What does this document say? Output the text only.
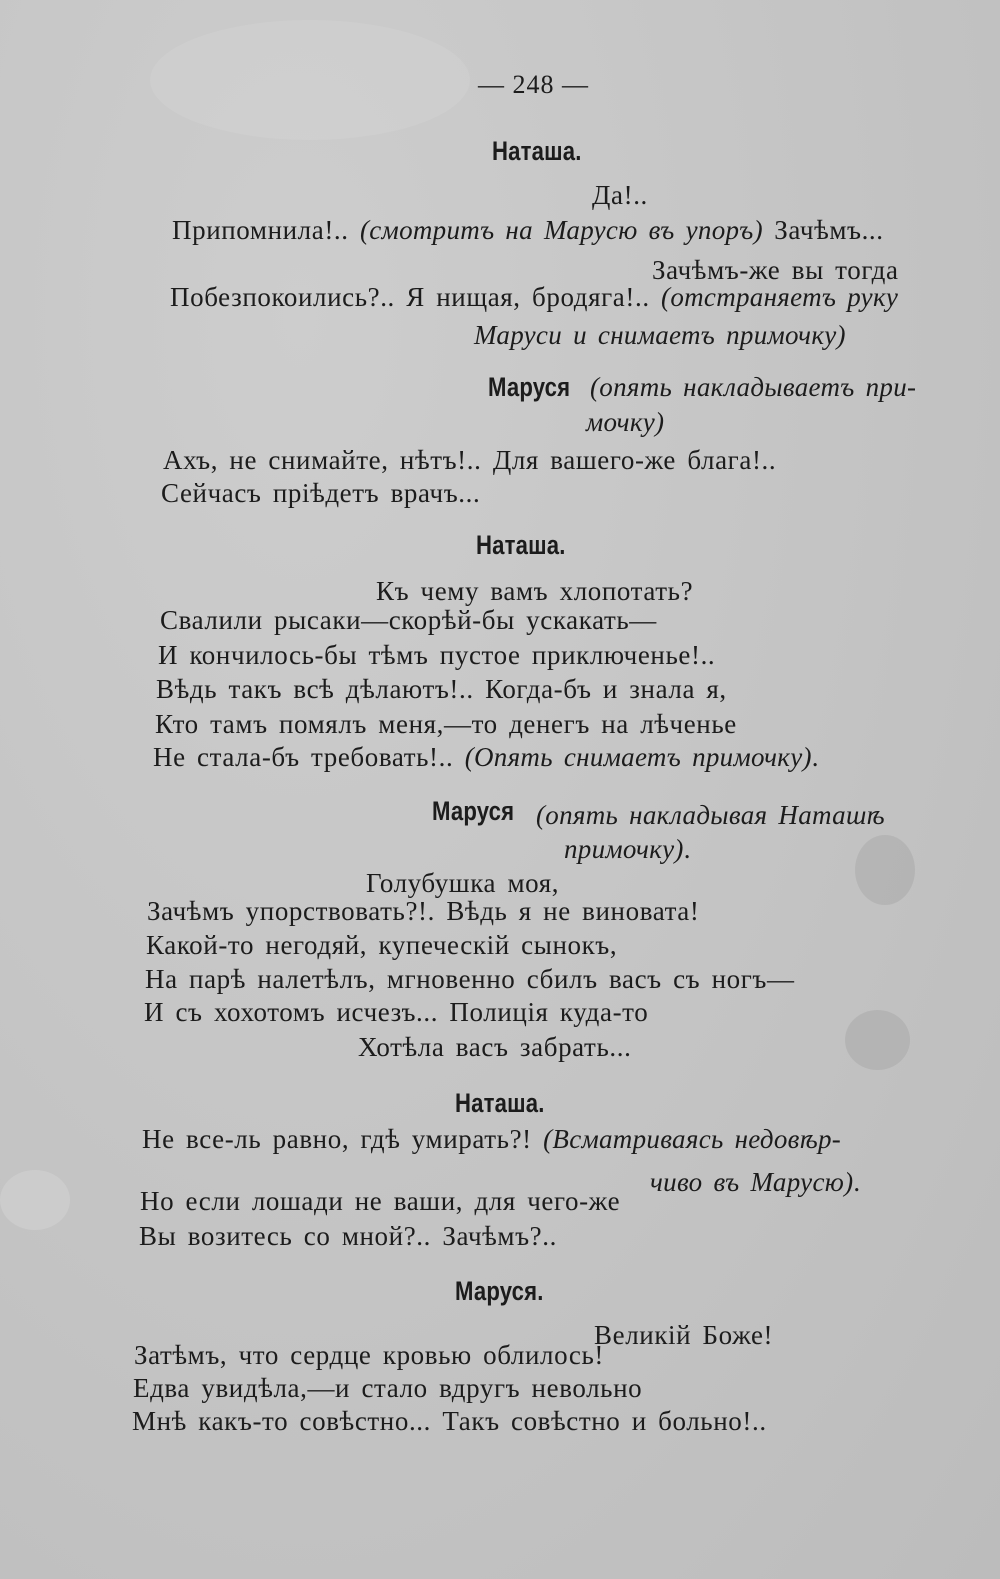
— 248 —
Наташа.
Да!..
Припомнила!.. (смотритъ на Марусю въ упоръ) Зачѣмъ...
Зачѣмъ-же вы тогда
Побезпокоились?.. Я нищая, бродяга!.. (отстраняетъ руку
Маруси и снимаетъ примочку)
Маруся (опять накладываетъ при-
мочку)
Ахъ, не снимайте, нѣтъ!.. Для вашего-же блага!..
Сейчасъ пріѣдетъ врачъ...
Наташа.
Къ чему вамъ хлопотать?
Свалили рысаки—скорѣй-бы ускакать—
И кончилось-бы тѣмъ пустое приключенье!..
Вѣдь такъ всѣ дѣлаютъ!.. Когда-бъ и знала я,
Кто тамъ помялъ меня,—то денегъ на лѣченье
Не стала-бъ требовать!.. (Опять снимаетъ примочку).
Маруся (опять накладывая Наташѣ
примочку).
Голубушка моя,
Зачѣмъ упорствовать?!. Вѣдь я не виновата!
Какой-то негодяй, купеческій сынокъ,
На парѣ налетѣлъ, мгновенно сбилъ васъ съ ногъ—
И съ хохотомъ исчезъ... Полиція куда-то
Хотѣла васъ забрать...
Наташа.
Не все-ль равно, гдѣ умирать?! (Всматриваясь недовѣр-
чиво въ Марусю).
Но если лошади не ваши, для чего-же
Вы возитесь со мной?.. Зачѣмъ?..
Маруся.
Великій Боже!
Затѣмъ, что сердце кровью облилось!
Едва увидѣла,—и стало вдругъ невольно
Мнѣ какъ-то совѣстно... Такъ совѣстно и больно!..
